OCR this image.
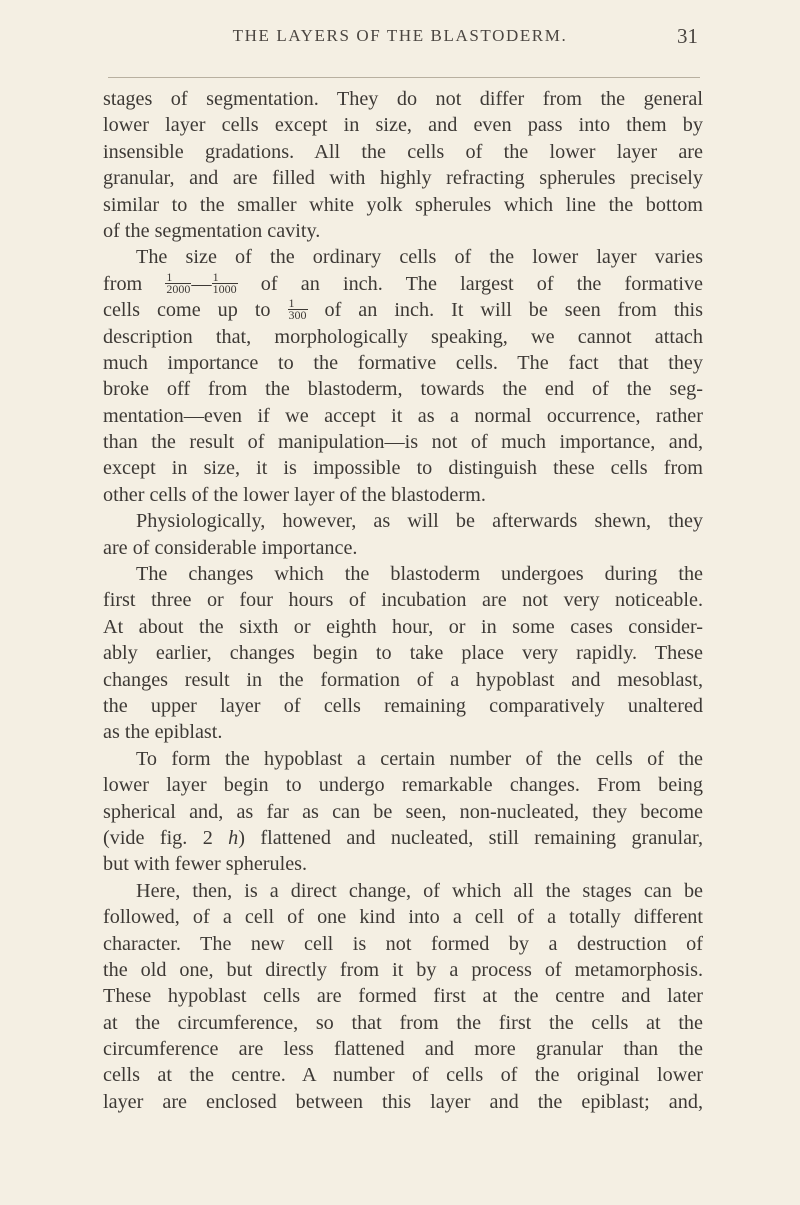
THE LAYERS OF THE BLASTODERM.	31
stages of segmentation. They do not differ from the general
lower layer cells except in size, and even pass into them by
insensible gradations. All the cells of the lower layer are
granular, and are filled with highly refracting spherules precisely
similar to the smaller white yolk spherules which line the bottom
of the segmentation cavity.
The size of the ordinary cells of the lower layer varies
from $\frac{1}{2000}$ — $\frac{1}{1000}$ of an inch. The largest of the formative
cells come up to $\frac{1}{300}$ of an inch. It will be seen from this
description that, morphologically speaking, we cannot attach
much importance to the formative cells. The fact that they
broke off from the blastoderm, towards the end of the seg-
mentation—even if we accept it as a normal occurrence, rather
than the result of manipulation—is not of much importance, and,
except in size, it is impossible to distinguish these cells from
other cells of the lower layer of the blastoderm.
Physiologically, however, as will be afterwards shewn, they
are of considerable importance.
The changes which the blastoderm undergoes during the
first three or four hours of incubation are not very noticeable.
At about the sixth or eighth hour, or in some cases consider-
ably earlier, changes begin to take place very rapidly. These
changes result in the formation of a hypoblast and mesoblast,
the upper layer of cells remaining comparatively unaltered
as the epiblast.
To form the hypoblast a certain number of the cells of the
lower layer begin to undergo remarkable changes. From being
spherical and, as far as can be seen, non-nucleated, they become
(vide fig. 2 h) flattened and nucleated, still remaining granular,
but with fewer spherules.
Here, then, is a direct change, of which all the stages can be
followed, of a cell of one kind into a cell of a totally different
character. The new cell is not formed by a destruction of
the old one, but directly from it by a process of metamorphosis.
These hypoblast cells are formed first at the centre and later
at the circumference, so that from the first the cells at the
circumference are less flattened and more granular than the
cells at the centre. A number of cells of the original lower
layer are enclosed between this layer and the epiblast; and,
